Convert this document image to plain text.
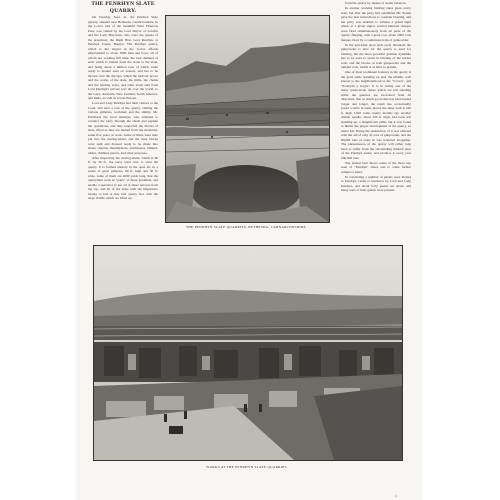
THE PENRHYN SLATE
QUARRY.

On Tuesday, Sept. 21, the Penrhyn Slate Quarry, situated near Bethesda, Carnarvonshire, in the Lower end of the beautiful Nant Ffrancon Pass, was visited by the Lord Mayor of London and the Lady Mayoress, who were the guests of the proprietor, the Right Hon. Lord Penrhyn, at Penrhyn Castle, Bangor. The Penrhyn quarry, which is the largest in the world, affords employment to about 3000 men and boys, all of whom are working full time, the best demand of each which is trained from the stone to the slate, and being about a million tons of which when ready to market seen on vessels, and has to be thrown over the dip tips, which the harbour grows and the works of the slate, the mills, the chains and the hauling ways, and other stone sent from Lord Penrhyn's private port all over the world, to the Cape, Australia, New Zealand, South America, and India, as well as across Europe.

Lord and Lady Penrhyn had their visitors to the Coed, and next a tour of the quarry, visiting the various galleries, workmen and the smithy. Mr. Pritchard, the local manager, who attended to conduct the party through the sheds and explain the operations, and they inspected the blocks of slate, lifted as they are hauled from the mountain, some five years of work. Some of these were then put into the sawing-tables, and the slate blocks were split and dressed ready to be made into slates, cisterns, mantelpieces, tombstones, billiard-tables, chimney-pieces, and other purposes.

After inspecting the sawing-sheds, which is 60 ft. by 36 ft., the party went over to view the quarry. It is formed entirely in the open air, in a series of great galleries, 60 ft. high and 50 ft. wide, some of them are 2000 yards long, that the quarrymen work in "pairs" of these gradients, and enable a spectator to see all of these terraces from the top, and all of the sides with the impressive beauty to feel at this vast quarry face with the steps visible which are lifted up

from the quarry by means of steam balances.

In another working blasting takes place every hour, but after the party had assembled Mr. Young gave the best instructions to consider blasting, and the party was enabled to witness a grand sight when, at a given signal, several hundred charges were fired simultaneously from all parts of the quarry, flinging, with a great roar, about 2000 rock masses, fired by a continuous train of gunpowder.

In the gun-bank upon each early mountain the gunpowder is shot for the quarry is used for blasting, but the more powerful gelatine dynamite has to be used to assist in blasting of the harder rock, and the blocks of both gunpowder and the lamded rock, which is as hard as granite.

One of most prominent features in the quarry is the great settle standing up near the middle, well known to the neighbourhood as the "Crown", and "Ponnydd y Gwyn". It is in reality one of the many green-stone dykes which are left standing while the quarries are excavated from all directions, that so much good slate has been buried longer and longer, the result has occasionally posed a settle in some places the sheer wall is 220 ft. high. Until some twenty months ago another similar needle, about 220 ft. high, had been left standing up, a magnificent pillar, but it was found to hinder the proper development of the quarry, so under Mr. Young the destruction of it was effected with the aid of only 41 tons of gunpowder, and the 80,000 tons of stone in was scattered altogether. The phenomenon of the quarry will rather long been to suffer from the surrounding mineral sites of the Penrhyn estate, and produce it every year 200,000 tons.

The annual beat shows some of the more trip seen of "Penrhyn" slates and to some further sample to hand.

In concluding a number of guests were invited to Penrhyn Castle to luncheon by Lord and Lady Penrhyn, and about forty guests sat down, and many sons of their guests were present.

THE PENRHYN SLATE QUARRIES, BETHESDA, CARNARVONSHIRE.
WORKS AT THE PENRHYN SLATE QUARRIES.
4
